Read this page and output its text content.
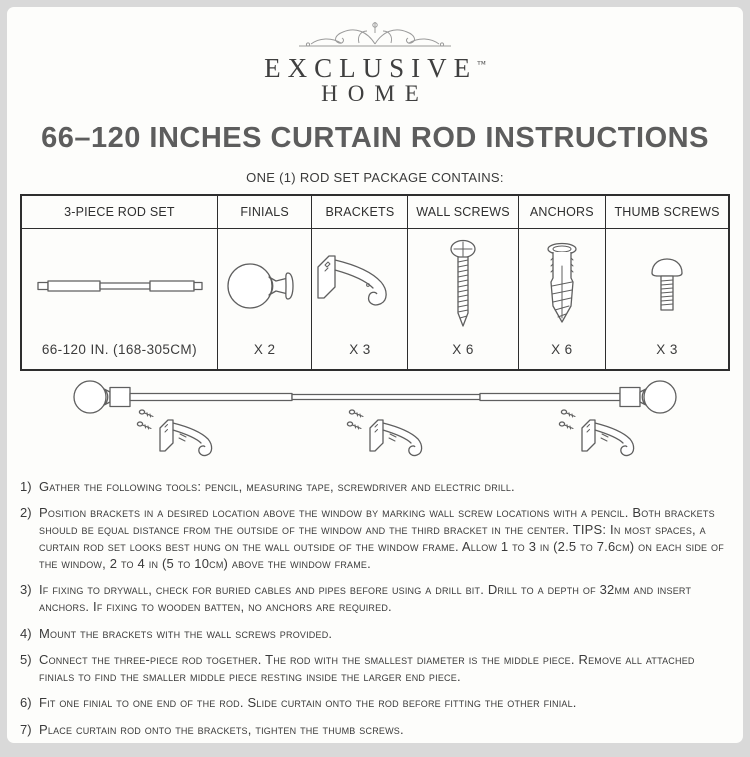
EXCLUSIVE™
HOME
66–120 INCHES CURTAIN ROD INSTRUCTIONS
ONE (1) ROD SET PACKAGE CONTAINS:
3-PIECE ROD SET	FINIALS	BRACKETS	WALL SCREWS	ANCHORS	THUMB SCREWS
66-120 IN. (168-305CM)	X 2	X 3	X 6	X 6	X 3
1) Gather the following tools: pencil, measuring tape, screwdriver and electric drill.
2) Position brackets in a desired location above the window by marking wall screw locations with a pencil. Both brackets should be equal distance from the outside of the window and the third bracket in the center. TIPS: In most spaces, a curtain rod set looks best hung on the wall outside of the window frame. Allow 1 to 3 in (2.5 to 7.6cm) on each side of the window, 2 to 4 in (5 to 10cm) above the window frame.
3) If fixing to drywall, check for buried cables and pipes before using a drill bit. Drill to a depth of 32mm and insert anchors. If fixing to wooden batten, no anchors are required.
4) Mount the brackets with the wall screws provided.
5) Connect the three-piece rod together. The rod with the smallest diameter is the middle piece. Remove all attached finials to find the smaller middle piece resting inside the larger end piece.
6) Fit one finial to one end of the rod. Slide curtain onto the rod before fitting the other finial.
7) Place curtain rod onto the brackets, tighten the thumb screws.
